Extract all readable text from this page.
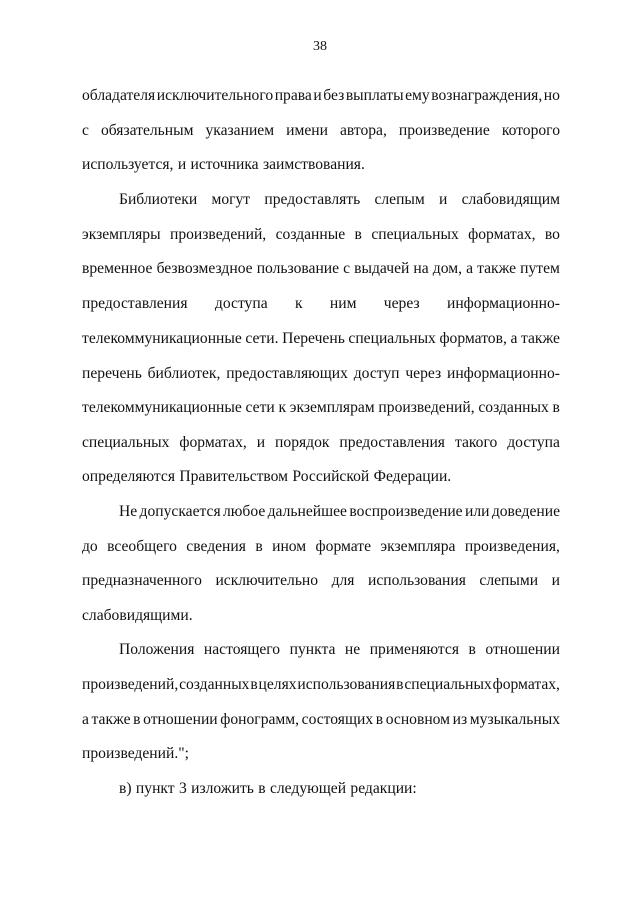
38
обладателя исключительного права и без выплаты ему вознаграждения, но
с обязательным указанием имени автора, произведение которого
используется, и источника заимствования.
Библиотеки могут предоставлять слепым и слабовидящим
экземпляры произведений, созданные в специальных форматах, во
временное безвозмездное пользование с выдачей на дом, а также путем
предоставления доступа к ним через информационно-
телекоммуникационные сети. Перечень специальных форматов, а также
перечень библиотек, предоставляющих доступ через информационно-
телекоммуникационные сети к экземплярам произведений, созданных в
специальных форматах, и порядок предоставления такого доступа
определяются Правительством Российской Федерации.
Не допускается любое дальнейшее воспроизведение или доведение
до всеобщего сведения в ином формате экземпляра произведения,
предназначенного исключительно для использования слепыми и
слабовидящими.
Положения настоящего пункта не применяются в отношении
произведений, созданных в целях использования в специальных форматах,
а также в отношении фонограмм, состоящих в основном из музыкальных
произведений.";
в) пункт 3 изложить в следующей редакции:
